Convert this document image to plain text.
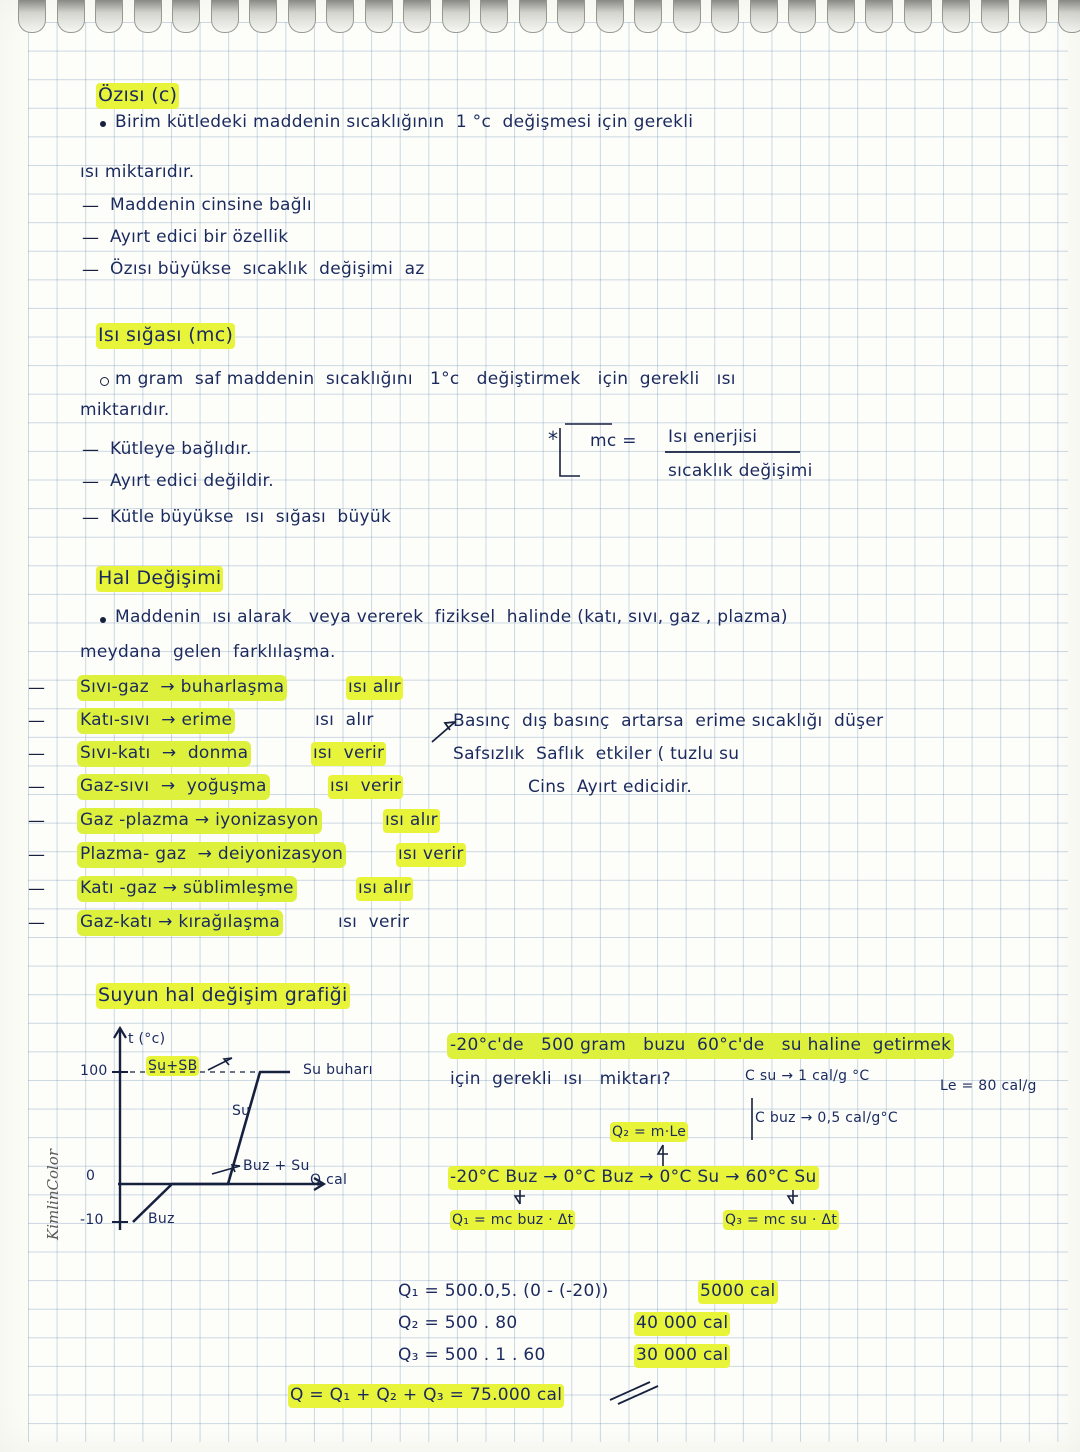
Özısı (c)
Birim kütledeki maddenin sıcaklığının  1 °c  değişmesi için gerekli
ısı miktarıdır.
— Maddenin cinsine bağlı
— Ayırt edici bir özellik
— Özısı büyükse  sıcaklık  değişimi  az
Isı sığası (mc)
m gram  saf maddenin  sıcaklığını   1°c   değiştirmek   için  gerekli   ısı
miktarıdır.
— Kütleye bağlıdır.
— Ayırt edici değildir.
— Kütle büyükse  ısı  sığası  büyük
* mc = Isı enerjisi
sıcaklık değişimi
Hal Değişimi
Maddenin  ısı alarak   veya vererek  fiziksel  halinde (katı, sıvı, gaz , plazma)
meydana  gelen  farklılaşma.
— Sıvı-gaz  → buharlaşma	ısı alır
— Katı-sıvı  → erime	ısı  alır
— Sıvı-katı  →  donma	ısı  verir
— Gaz-sıvı  →  yoğuşma	ısı  verir
— Gaz -plazma → iyonizasyon	ısı alır
— Plazma- gaz  → deiyonizasyon	ısı verir
— Katı -gaz → süblimleşme	ısı alır
— Gaz-katı → kırağılaşma	ısı  verir
Basınç  dış basınç  artarsa  erime sıcaklığı  düşer
Safsızlık  Saflık  etkiler ( tuzlu su
Cins  Ayırt edicidir.
Suyun hal değişim grafiği
t (°c)
100
0
-10
Q cal
Su buharı
Su
Buz
Su+SB
Buz + Su
-20°c'de   500 gram   buzu  60°c'de   su haline  getirmek
için  gerekli  ısı   miktarı?	C su → 1 cal/g °C
C buz → 0,5 cal/g°C
Le = 80 cal/g
Q₂ = m·Le
-20°C Buz → 0°C Buz → 0°C Su → 60°C Su
Q₁ = mc buz · Δt	Q₃ = mc su · Δt
Q₁ = 500.0,5. (0 - (-20))	5000 cal
Q₂ = 500 . 80	40 000 cal
Q₃ = 500 . 1 . 60	30 000 cal
Q = Q₁ + Q₂ + Q₃ = 75.000 cal
KimlinColor
